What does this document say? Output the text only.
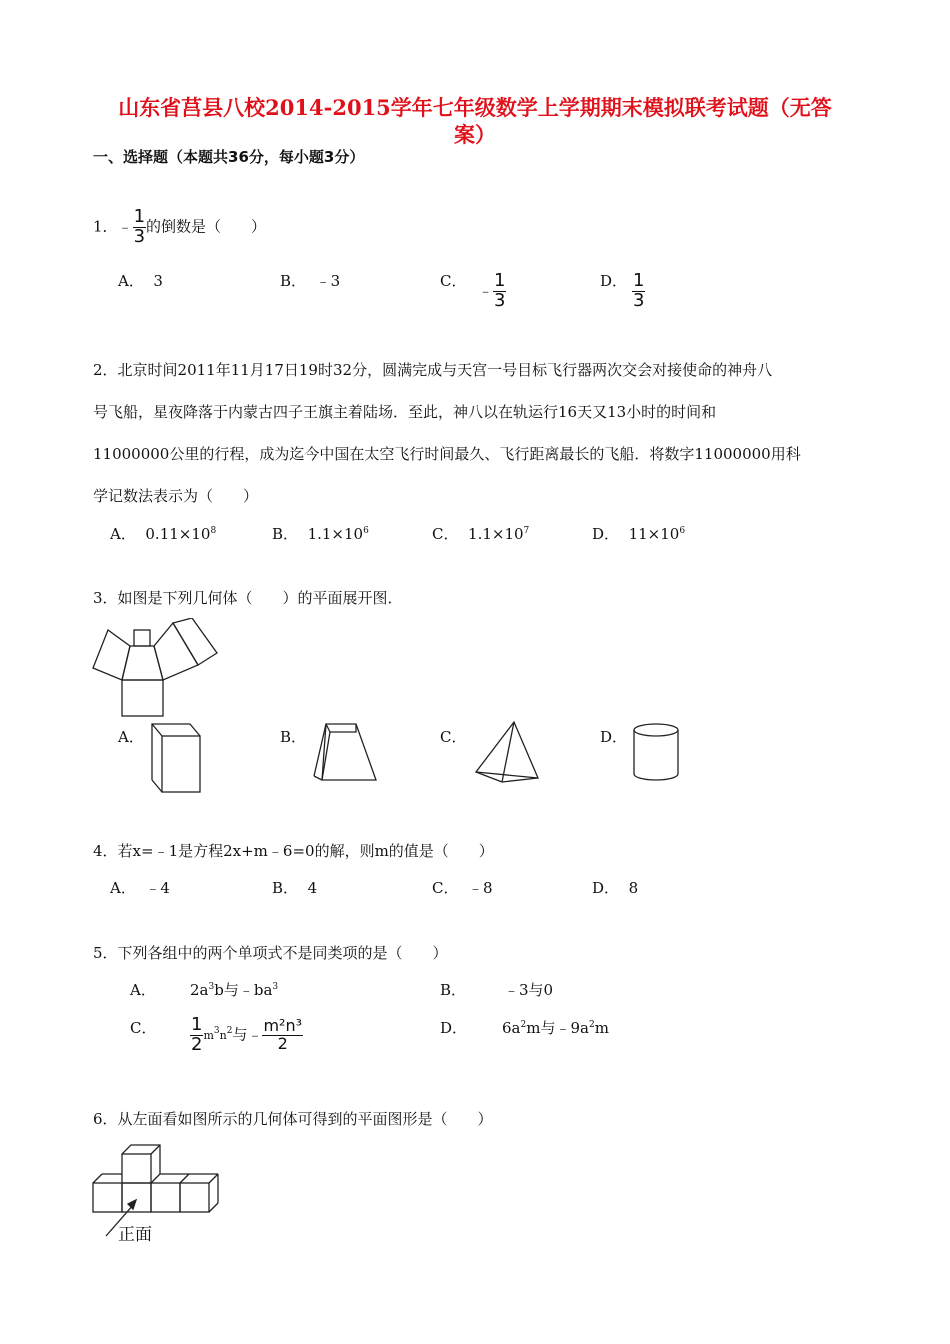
山东省莒县八校2014-2015学年七年级数学上学期期末模拟联考试题（无答
案）
一、选择题（本题共36分，每小题3分）
1．﹣ $\frac{1}{3}$ 的倒数是（　　）
A． 3	B． ﹣3	C．
﹣ $\frac{1}{3}$	D． $\frac{1}{3}$
2．北京时间2011年11月17日19时32分，圆满完成与天宫一号目标飞行器两次交会对接使命的神舟八
号飞船，星夜降落于内蒙古四子王旗主着陆场．至此，神八以在轨运行16天又13小时的时间和
11000000公里的行程，成为迄今中国在太空飞行时间最久、飞行距离最长的飞船．将数字11000000用科
学记数法表示为（　　）
A． $0.11\times 10^8$	B． $1.1\times 10^6$	C． $1.1\times 10^7$	D． $11\times 10^6$
3．如图是下列几何体（　　）的平面展开图．
A．	B．	C．	D．
4．若x=﹣1是方程2x+m﹣6=0的解，则m的值是（　　）
A． ﹣4	B． 4	C． ﹣8	D． 8
5．下列各组中的两个单项式不是同类项的是（　　）
A． $2a^3b$与$﹣ba^3$	B．	﹣3与0
C． $\frac{1}{2} m^3n^2$与﹣ $\frac{\text{m²n³}}{2}$	D． $6a^2m$与$﹣9a^2m$
6．从左面看如图所示的几何体可得到的平面图形是（　　）
正面
